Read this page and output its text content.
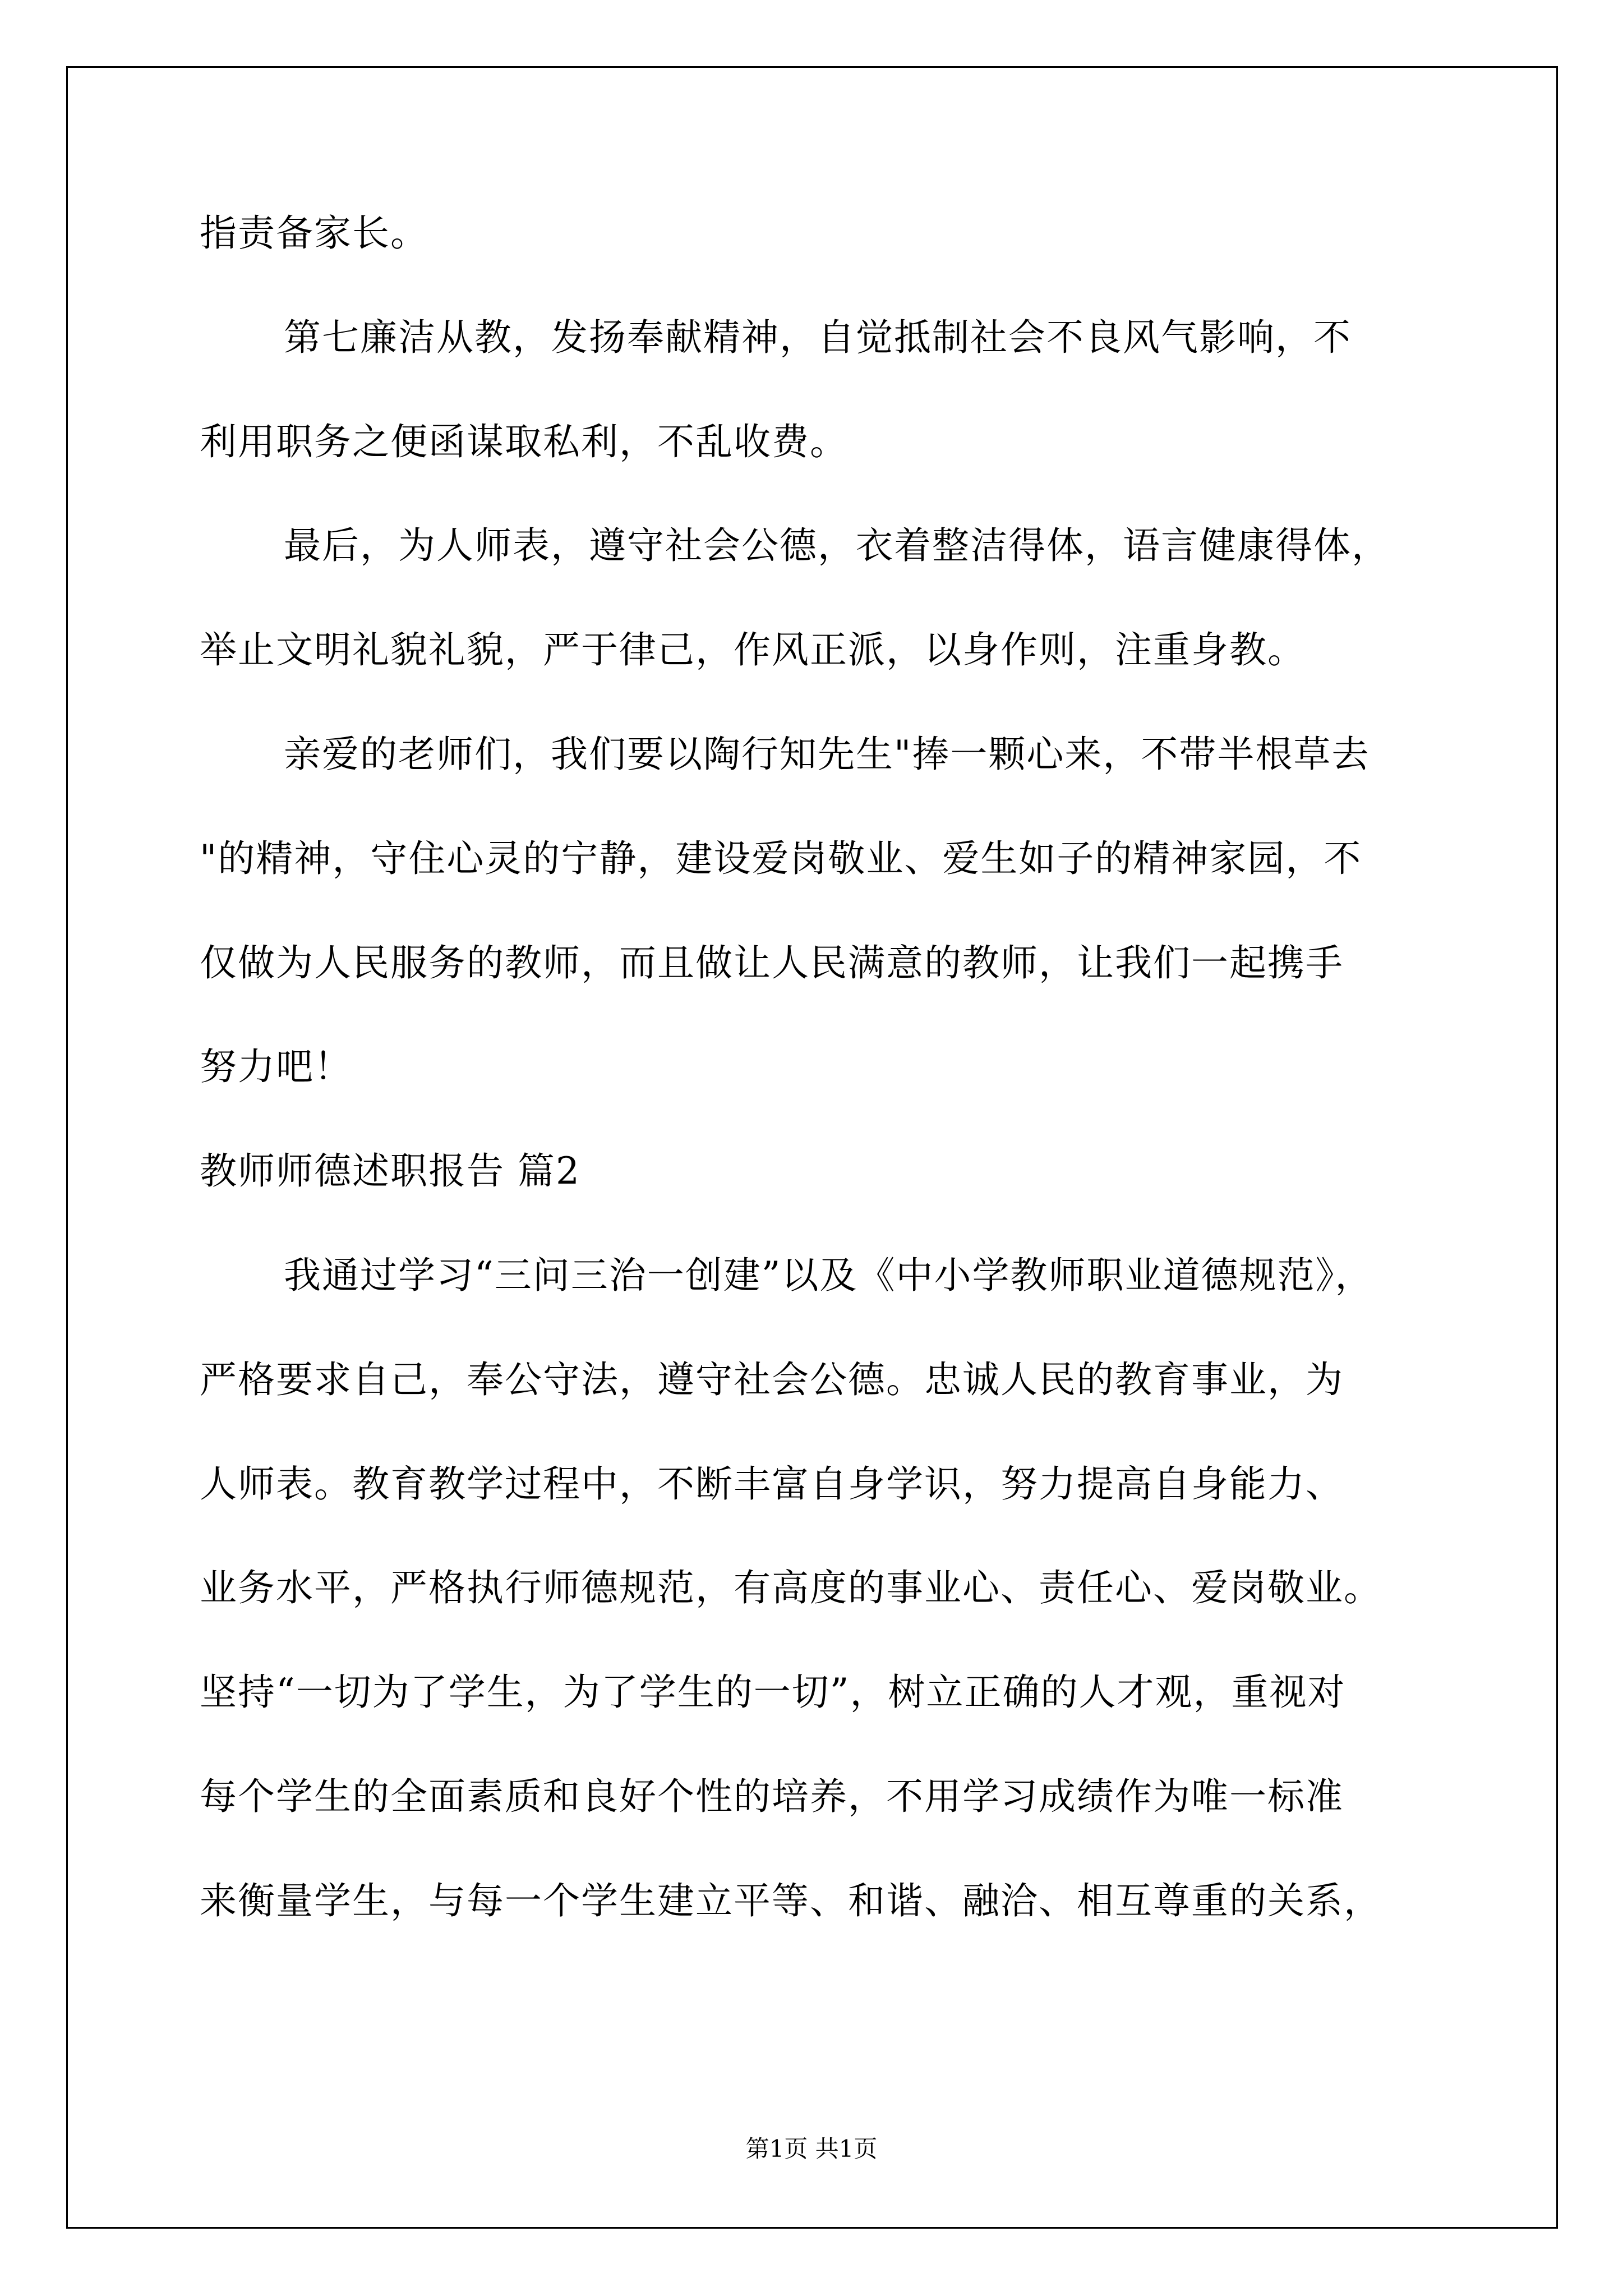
指责备家长。
第七廉洁从教，发扬奉献精神，自觉抵制社会不良风气影响，不
利用职务之便函谋取私利，不乱收费。
最后，为人师表，遵守社会公德，衣着整洁得体，语言健康得体，
举止文明礼貌礼貌，严于律己，作风正派，以身作则，注重身教。
亲爱的老师们，我们要以陶行知先生"捧一颗心来，不带半根草去
"的精神，守住心灵的宁静，建设爱岗敬业、爱生如子的精神家园，不
仅做为人民服务的教师，而且做让人民满意的教师，让我们一起携手
努力吧！
教师师德述职报告 篇2
我通过学习“三问三治一创建”以及《中小学教师职业道德规范》，
严格要求自己，奉公守法，遵守社会公德。忠诚人民的教育事业，为
人师表。教育教学过程中，不断丰富自身学识，努力提高自身能力、
业务水平，严格执行师德规范，有高度的事业心、责任心、爱岗敬业。
坚持“一切为了学生，为了学生的一切”，树立正确的人才观，重视对
每个学生的全面素质和良好个性的培养，不用学习成绩作为唯一标准
来衡量学生，与每一个学生建立平等、和谐、融洽、相互尊重的关系，
第1页 共1页
